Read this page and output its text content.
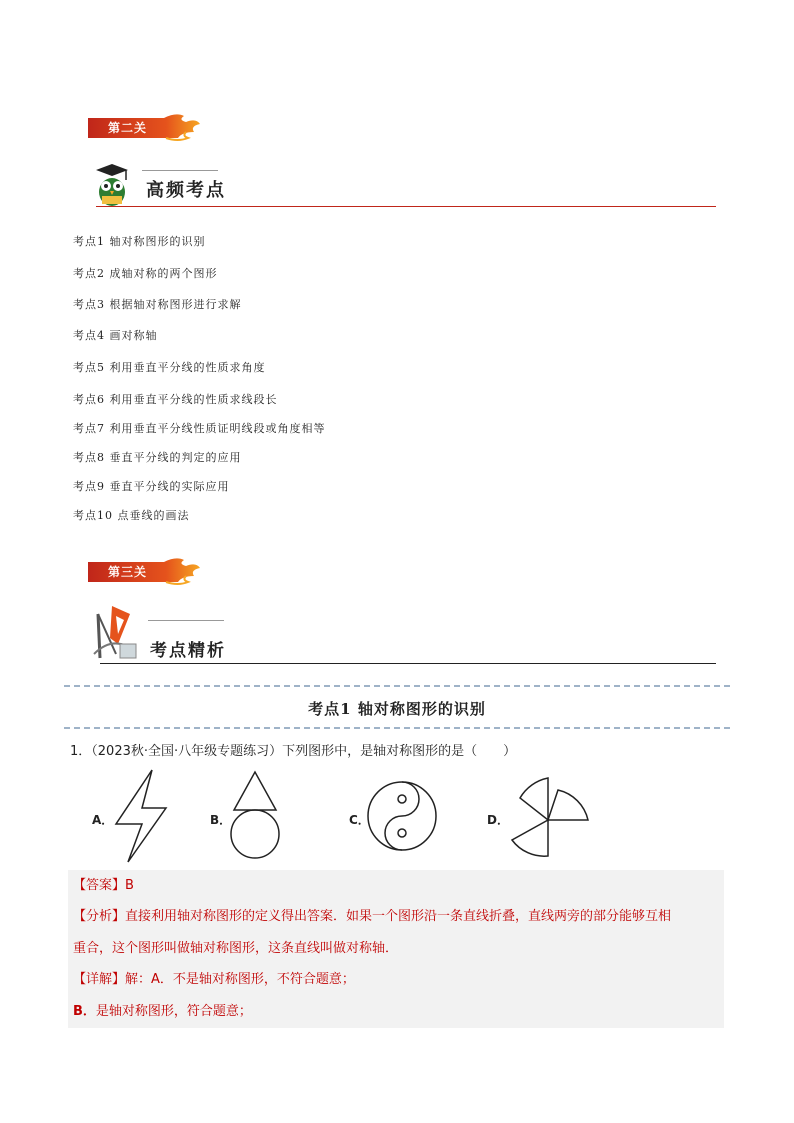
第二关
高频考点
考点1 轴对称图形的识别
考点2 成轴对称的两个图形
考点3 根据轴对称图形进行求解
考点4 画对称轴
考点5 利用垂直平分线的性质求角度
考点6 利用垂直平分线的性质求线段长
考点7 利用垂直平分线性质证明线段或角度相等
考点8 垂直平分线的判定的应用
考点9 垂直平分线的实际应用
考点10 点垂线的画法
第三关
考点精析
考点1 轴对称图形的识别
1．（2023秋·全国·八年级专题练习）下列图形中，是轴对称图形的是（　　）
A．	B．	C．	D．
【答案】B
【分析】直接利用轴对称图形的定义得出答案．如果一个图形沿一条直线折叠，直线两旁的部分能够互相
重合，这个图形叫做轴对称图形，这条直线叫做对称轴．
【详解】解：A．不是轴对称图形，不符合题意；
B．是轴对称图形，符合题意；
